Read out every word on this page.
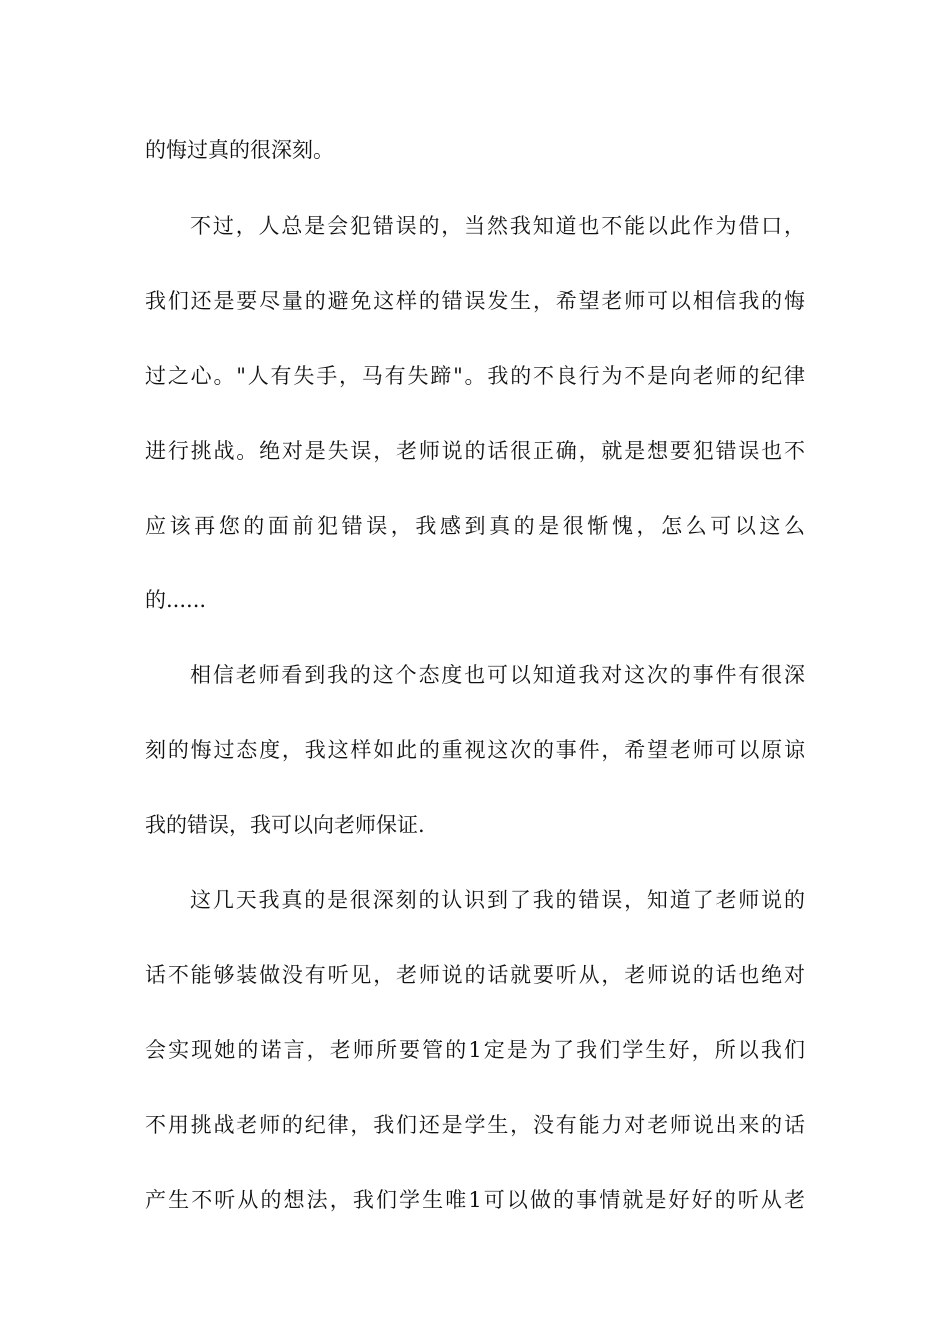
的悔过真的很深刻。
不过，人总是会犯错误的，当然我知道也不能以此作为借口，
我们还是要尽量的避免这样的错误发生，希望老师可以相信我的悔
过之心。"人有失手，马有失蹄"。我的不良行为不是向老师的纪律
进行挑战。绝对是失误，老师说的话很正确，就是想要犯错误也不
应该再您的面前犯错误，我感到真的是很惭愧，怎么可以这么
的......
相信老师看到我的这个态度也可以知道我对这次的事件有很深
刻的悔过态度，我这样如此的重视这次的事件，希望老师可以原谅
我的错误，我可以向老师保证.
这几天我真的是很深刻的认识到了我的错误，知道了老师说的
话不能够装做没有听见，老师说的话就要听从，老师说的话也绝对
会实现她的诺言，老师所要管的1定是为了我们学生好，所以我们
不用挑战老师的纪律，我们还是学生，没有能力对老师说出来的话
产生不听从的想法，我们学生唯1可以做的事情就是好好的听从老
